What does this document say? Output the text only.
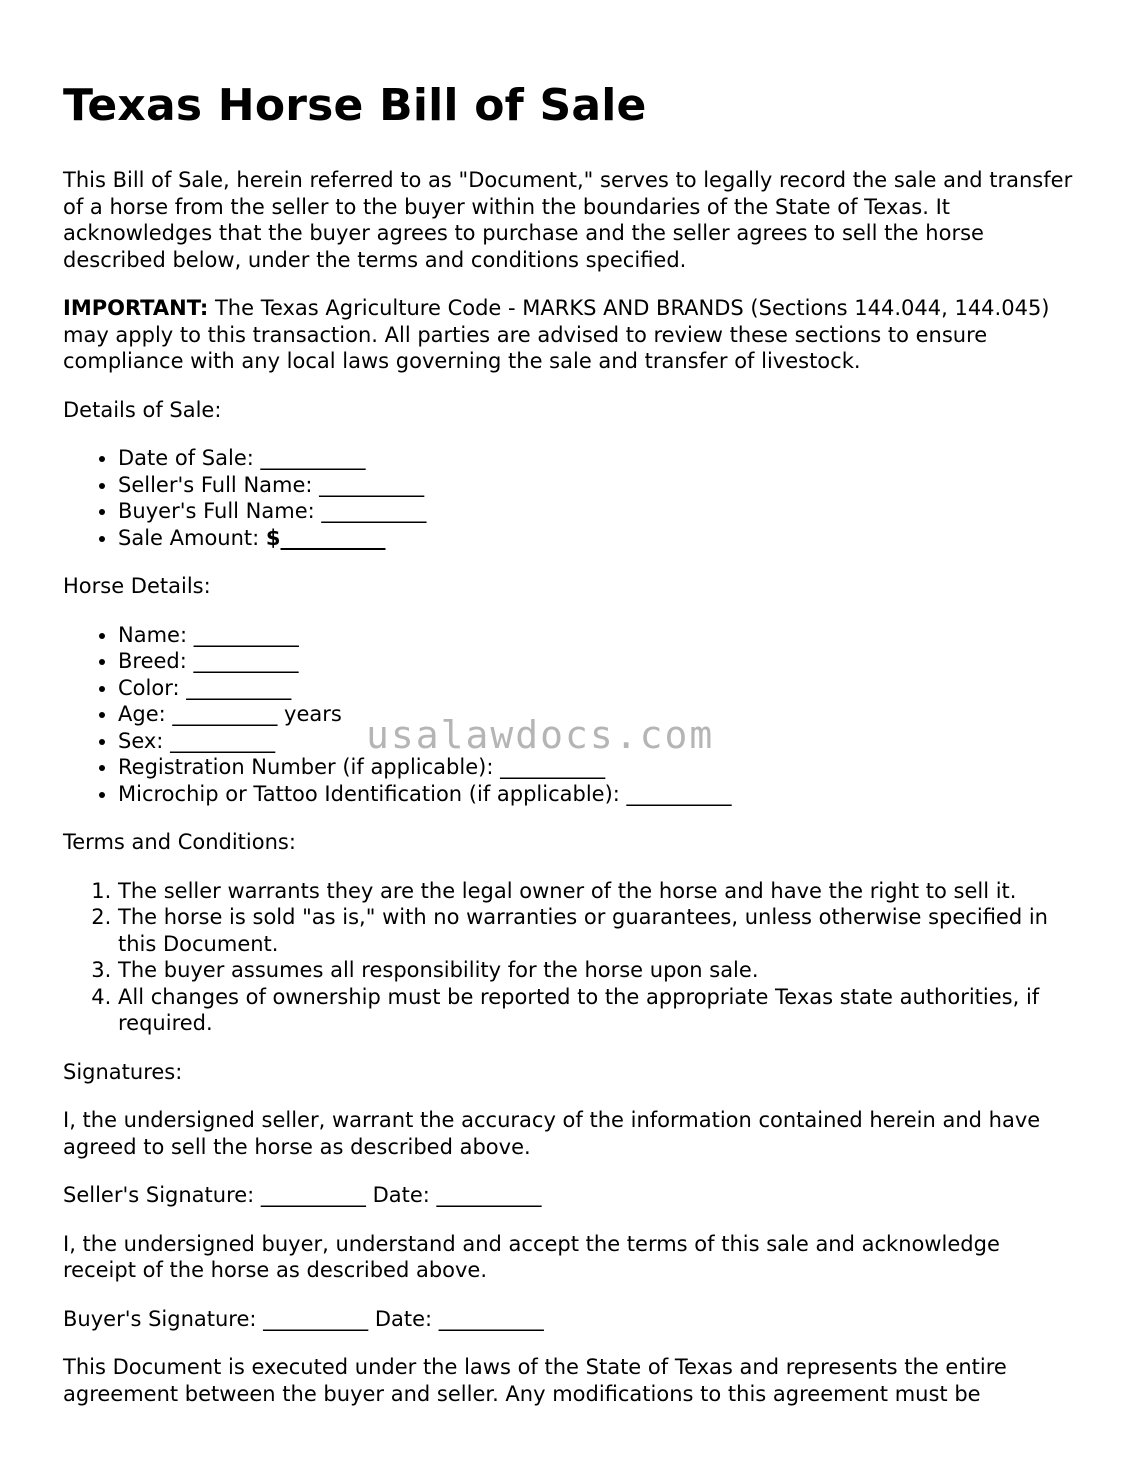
Texas Horse Bill of Sale

This Bill of Sale, herein referred to as "Document," serves to legally record the sale and transfer of a horse from the seller to the buyer within the boundaries of the State of Texas. It acknowledges that the buyer agrees to purchase and the seller agrees to sell the horse described below, under the terms and conditions specified.

IMPORTANT: The Texas Agriculture Code - MARKS AND BRANDS (Sections 144.044, 144.045) may apply to this transaction. All parties are advised to review these sections to ensure compliance with any local laws governing the sale and transfer of livestock.

Details of Sale:

• Date of Sale: __________
• Seller's Full Name: __________
• Buyer's Full Name: __________
• Sale Amount: $__________

Horse Details:

• Name: __________
• Breed: __________
• Color: __________
• Age: __________ years
• Sex: __________
• Registration Number (if applicable): __________
• Microchip or Tattoo Identification (if applicable): __________

Terms and Conditions:

1. The seller warrants they are the legal owner of the horse and have the right to sell it.
2. The horse is sold "as is," with no warranties or guarantees, unless otherwise specified in this Document.
3. The buyer assumes all responsibility for the horse upon sale.
4. All changes of ownership must be reported to the appropriate Texas state authorities, if required.

Signatures:

I, the undersigned seller, warrant the accuracy of the information contained herein and have agreed to sell the horse as described above.

Seller's Signature: __________ Date: __________

I, the undersigned buyer, understand and accept the terms of this sale and acknowledge receipt of the horse as described above.

Buyer's Signature: __________ Date: __________

This Document is executed under the laws of the State of Texas and represents the entire agreement between the buyer and seller. Any modifications to this agreement must be

usalawdocs.com
